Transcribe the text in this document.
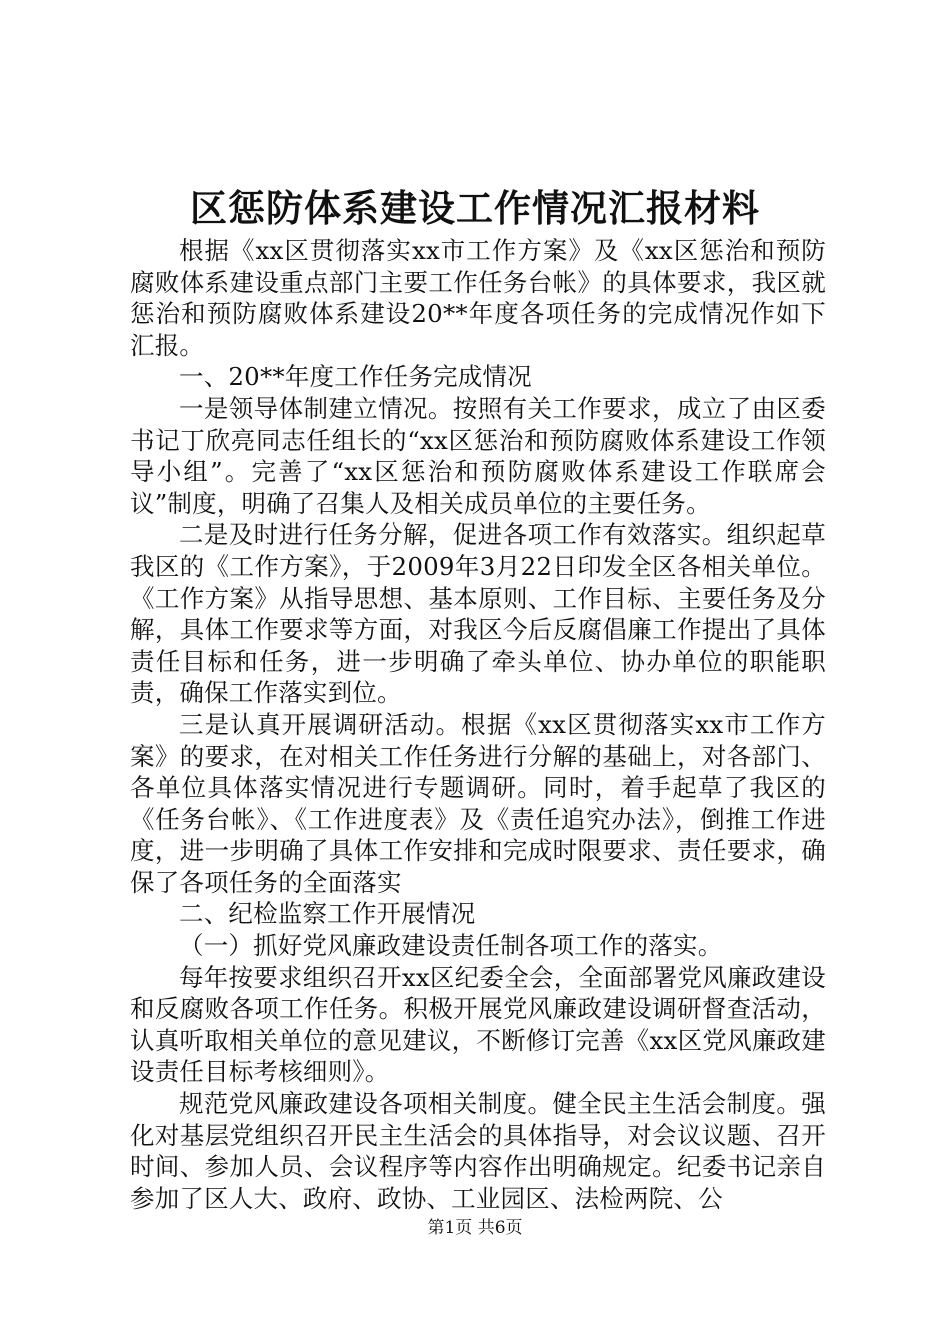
区惩防体系建设工作情况汇报材料

根据《xx区贯彻落实xx市工作方案》及《xx区惩治和预防腐败体系建设重点部门主要工作任务台帐》的具体要求，我区就惩治和预防腐败体系建设20**年度各项任务的完成情况作如下汇报。

一、20**年度工作任务完成情况

一是领导体制建立情况。按照有关工作要求，成立了由区委书记丁欣亮同志任组长的“xx区惩治和预防腐败体系建设工作领导小组”。完善了“xx区惩治和预防腐败体系建设工作联席会议”制度，明确了召集人及相关成员单位的主要任务。

二是及时进行任务分解，促进各项工作有效落实。组织起草我区的《工作方案》，于2009年3月22日印发全区各相关单位。《工作方案》从指导思想、基本原则、工作目标、主要任务及分解，具体工作要求等方面，对我区今后反腐倡廉工作提出了具体责任目标和任务，进一步明确了牵头单位、协办单位的职能职责，确保工作落实到位。

三是认真开展调研活动。根据《xx区贯彻落实xx市工作方案》的要求，在对相关工作任务进行分解的基础上，对各部门、各单位具体落实情况进行专题调研。同时，着手起草了我区的《任务台帐》、《工作进度表》及《责任追究办法》，倒推工作进度，进一步明确了具体工作安排和完成时限要求、责任要求，确保了各项任务的全面落实

二、纪检监察工作开展情况

（一）抓好党风廉政建设责任制各项工作的落实。

每年按要求组织召开xx区纪委全会，全面部署党风廉政建设和反腐败各项工作任务。积极开展党风廉政建设调研督查活动，认真听取相关单位的意见建议，不断修订完善《xx区党风廉政建设责任目标考核细则》。

规范党风廉政建设各项相关制度。健全民主生活会制度。强化对基层党组织召开民主生活会的具体指导，对会议议题、召开时间、参加人员、会议程序等内容作出明确规定。纪委书记亲自参加了区人大、政府、政协、工业园区、法检两院、公

第1页 共6页
